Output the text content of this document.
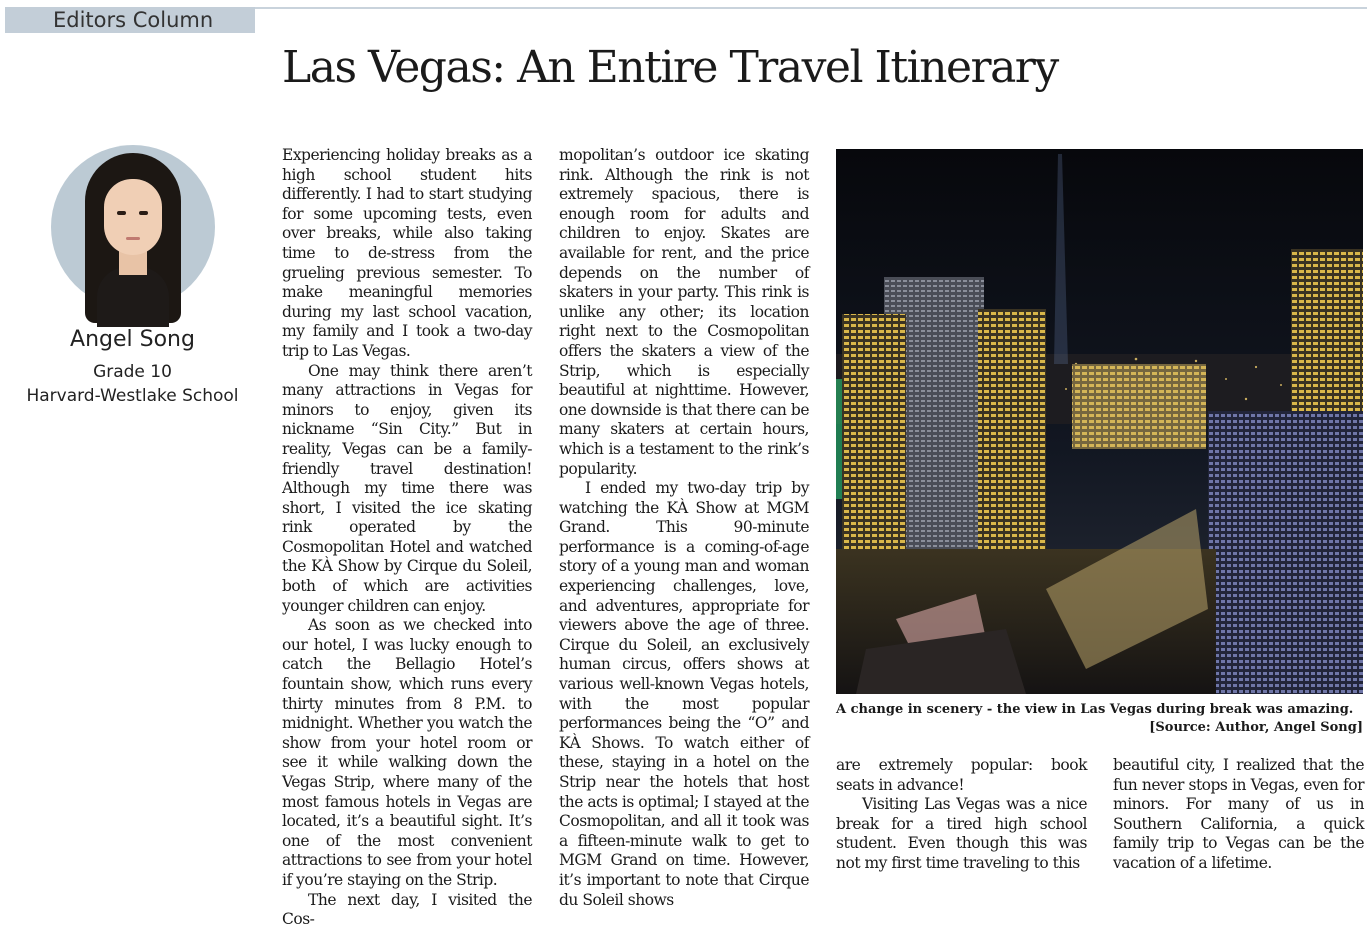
Editors Column
Las Vegas: An Entire Travel Itinerary
Angel Song
Grade 10
Harvard-Westlake School

Experiencing holiday breaks as a high school student hits differently. I had to start studying for some upcoming tests, even over breaks, while also taking time to de-stress from the grueling previous semester. To make meaningful memories during my last school vacation, my family and I took a two-day trip to Las Vegas.

One may think there aren’t many attractions in Vegas for minors to enjoy, given its nickname “Sin City.” But in reality, Vegas can be a family-friendly travel destination! Although my time there was short, I visited the ice skating rink operated by the Cosmopolitan Hotel and watched the KÀ Show by Cirque du Soleil, both of which are activities younger children can enjoy.

As soon as we checked into our hotel, I was lucky enough to catch the Bellagio Hotel’s fountain show, which runs every thirty minutes from 8 P.M. to midnight. Whether you watch the show from your hotel room or see it while walking down the Vegas Strip, where many of the most famous hotels in Vegas are located, it’s a beautiful sight. It’s one of the most convenient attractions to see from your hotel if you’re staying on the Strip.

The next day, I visited the Cos-

mopolitan’s outdoor ice skating rink. Although the rink is not extremely spacious, there is enough room for adults and children to enjoy. Skates are available for rent, and the price depends on the number of skaters in your party. This rink is unlike any other; its location right next to the Cosmopolitan offers the skaters a view of the Strip, which is especially beautiful at nighttime. However, one downside is that there can be many skaters at certain hours, which is a testament to the rink’s popularity.

I ended my two-day trip by watching the KÀ Show at MGM Grand. This 90-minute performance is a coming-of-age story of a young man and woman experiencing challenges, love, and adventures, appropriate for viewers above the age of three. Cirque du Soleil, an exclusively human circus, offers shows at various well-known Vegas hotels, with the most popular performances being the “O” and KÀ Shows. To watch either of these, staying in a hotel on the Strip near the hotels that host the acts is optimal; I stayed at the Cosmopolitan, and all it took was a fifteen-minute walk to get to MGM Grand on time. However, it’s important to note that Cirque du Soleil shows

A change in scenery - the view in Las Vegas during break was amazing.
[Source: Author, Angel Song]

are extremely popular: book seats in advance!

Visiting Las Vegas was a nice break for a tired high school student. Even though this was not my first time traveling to this

beautiful city, I realized that the fun never stops in Vegas, even for minors. For many of us in Southern California, a quick family trip to Vegas can be the vacation of a lifetime.
